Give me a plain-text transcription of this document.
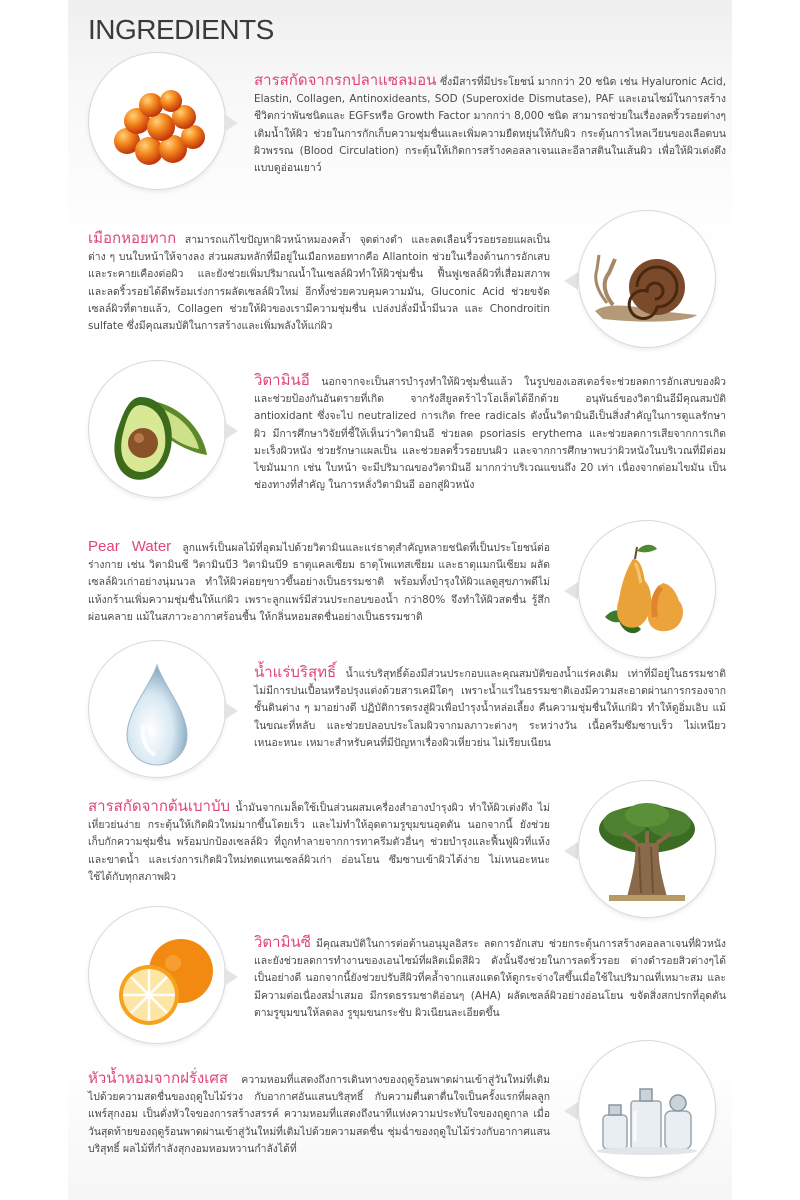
INGREDIENTS

สารสกัดจากรกปลาแซลมอน ซึ่งมีสารที่มีประโยชน์ มากกว่า 20 ชนิด เช่น Hyaluronic Acid, Elastin, Collagen, Antinoxideants, SOD (Superoxide Dismutase), PAF และเอนไซม์ในการสร้างชีวิตกว่าพันชนิดและ EGFsหรือ Growth Factor มากกว่า 8,000 ชนิด สามารถช่วยในเรื่องลดริ้วรอยต่างๆ เติมน้ำให้ผิว ช่วยในการกักเก็บความชุ่มชื่นและเพิ่มความยืดหยุ่นให้กับผิว กระตุ้นการไหลเวียนของเลือดบนผิวพรรณ (Blood Circulation) กระตุ้นให้เกิดการสร้างคอลลาเจนและอีลาสตินในเส้นผิว เพื่อให้ผิวเต่งตึงแบบดูอ่อนเยาว์

เมือกหอยทาก สามารถแก้ไขปัญหาผิวหน้าหมองคล้ำ จุดด่างดำ และลดเลือนริ้วรอยรอยแผลเป็นต่าง ๆ บนใบหน้าให้จางลง ส่วนผสมหลักที่มีอยู่ในเมือกหอยทากคือ Allantoin ช่วยในเรื่องต้านการอักเสบและระคายเคืองต่อผิว และยังช่วยเพิ่มปริมาณน้ำในเซลล์ผิวทำให้ผิวชุ่มชื่น ฟื้นฟูเซลล์ผิวที่เสื่อมสภาพ และลดริ้วรอยได้ดีพร้อมเร่งการผลัดเซลล์ผิวใหม่ อีกทั้งช่วยควบคุมความมัน, Gluconic Acid ช่วยขจัดเซลล์ผิวที่ตายแล้ว, Collagen ช่วยให้ผิวของเรามีความชุ่มชื่น เปล่งปลั่งมีน้ำมีนวล และ Chondroitin sulfate ซึ่งมีคุณสมบัติในการสร้างและเพิ่มพลังให้แก่ผิว

วิตามินอี นอกจากจะเป็นสารบำรุงทำให้ผิวชุ่มชื่นแล้ว ในรูปของเอสเตอร์จะช่วยลดการอักเสบของผิวและช่วยป้องกันอันตรายที่เกิด จากรังสียูลตร้าไวโอเล็ตได้อีกด้วย อนุพันธ์ของวิตามินอีมีคุณสมบัติ antioxidant ซึ่งจะไป neutralized การเกิด free radicals ดังนั้นวิตามินอีเป็นสิ่งสำคัญในการดูแลรักษาผิว มีการศึกษาวิจัยที่ชี้ให้เห็นว่าวิตามินอี ช่วยลด psoriasis erythema และช่วยลดการเสียจากการเกิดมะเร็งผิวหนัง ช่วยรักษาแผลเป็น และช่วยลดริ้วรอยบนผิว และจากการศึกษาพบว่าผิวหนังในบริเวณที่มีต่อมไขมันมาก เช่น ใบหน้า จะมีปริมาณของวิตามินอี มากกว่าบริเวณแขนถึง 20 เท่า เนื่องจากต่อมไขมัน เป็นช่องทางที่สำคัญ ในการหลั่งวิตามินอี ออกสู่ผิวหนัง

Pear Water ลูกแพร์เป็นผลไม้ที่อุดมไปด้วยวิตามินและแร่ธาตุสำคัญหลายชนิดที่เป็นประโยชน์ต่อร่างกาย เช่น วิตามินซี วิตามินบี3 วิตามินบี9 ธาตุแคลเซียม ธาตุโพแทสเซียม และธาตุแมกนีเซียม ผลัดเซลล์ผิวเก่าอย่างนุ่มนวล ทำให้ผิวค่อยๆขาวขึ้นอย่างเป็นธรรมชาติ พร้อมทั้งบำรุงให้ผิวแลดูสุขภาพดีไม่แห้งกร้านเพิ่มความชุ่มชื่นให้แก่ผิว เพราะลูกแพร์มีส่วนประกอบของน้ำ กว่า80% จึงทำให้ผิวสดชื่น รู้สึกผ่อนคลาย แม้ในสภาวะอากาศร้อนชื้น ให้กลิ่นหอมสดชื่นอย่างเป็นธรรมชาติ

น้ำแร่บริสุทธิ์ น้ำแร่บริสุทธิ์ต้องมีส่วนประกอบและคุณสมบัติของน้ำแร่คงเดิม เท่าที่มีอยู่ในธรรมชาติ ไม่มีการปนเปื้อนหรือปรุงแต่งด้วยสารเคมีใดๆ เพราะน้ำแร่ในธรรมชาติเองมีความสะอาดผ่านการกรองจากชั้นดินต่าง ๆ มาอย่างดี ปฏิบัติการตรงสู่ผิวเพื่อบำรุงน้ำหล่อเลี้ยง คืนความชุ่มชื่นให้แก่ผิว ทำให้ดูอิ่มเอิบ แม้ในขณะที่หลับ และช่วยปลอบประโลมผิวจากมลภาวะต่างๆ ระหว่างวัน เนื้อครีมซึมซาบเร็ว ไม่เหนียวเหนอะหนะ เหมาะสำหรับคนที่มีปัญหาเรื่องผิวเหี่ยวย่น ไม่เรียบเนียน

สารสกัดจากต้นเบาบับ น้ำมันจากเมล็ดใช้เป็นส่วนผสมเครื่องสำอางบำรุงผิว ทำให้ผิวเต่งตึง ไม่เหี่ยวย่นง่าย กระตุ้นให้เกิดผิวใหม่มากขึ้นโดยเร็ว และไม่ทำให้อุดตามรูขุมขนอุดตัน นอกจากนี้ ยังช่วยเก็บกักความชุ่มชื่น พร้อมปกป้องเซลล์ผิว ที่ถูกทำลายจากการทาครีมตัวอื่นๆ ช่วยบำรุงและฟื้นฟูผิวที่แห้งและขาดน้ำ และเร่งการเกิดผิวใหม่ทดแทนเซลล์ผิวเก่า อ่อนโยน ซึมซาบเข้าผิวได้ง่าย ไม่เหนอะหนะ ใช้ได้กับทุกสภาพผิว

วิตามินซี มีคุณสมบัติในการต่อต้านอนุมูลอิสระ ลดการอักเสบ ช่วยกระตุ้นการสร้างคอลลาเจนที่ผิวหนัง และยังช่วยลดการทำงานของเอนไซม์ที่ผลิตเม็ดสีผิว ดังนั้นจึงช่วยในการลดริ้วรอย ด่างดำรอยสิวต่างๆได้เป็นอย่างดี นอกจากนี้ยังช่วยปรับสีผิวที่คล้ำจากแสงแดดให้ดูกระจ่างใสขึ้นเมื่อใช้ในปริมาณที่เหมาะสม และมีความต่อเนื่องสม่ำเสมอ มีกรดธรรมชาติอ่อนๆ (AHA) ผลัดเซลล์ผิวอย่างอ่อนโยน ขจัดสิ่งสกปรกที่อุดตันตามรูขุมขนให้ลดลง รูขุมขนกระชับ ผิวเนียนละเอียดขึ้น

หัวน้ำหอมจากฝรั่งเศส ความหอมที่แสดงถึงการเดินทางของฤดูร้อนพาดผ่านเข้าสู่วันใหม่ที่เติมไปด้วยความสดชื่นของฤดูใบไม้ร่วง กับอากาศอันแสนบริสุทธิ์ กับความตื่นตาตื่นใจเป็นครั้งแรกที่ผลลูกแพร์สุกงอม เป็นดั่งหัวใจของการสร้างสรรค์ ความหอมที่แสดงถึงนาทีแห่งความประทับใจของฤดูกาล เมื่อวันสุดท้ายของฤดูร้อนพาดผ่านเข้าสู่วันใหม่ที่เติมไปด้วยความสดชื่น ชุ่มฉ่ำของฤดูใบไม้ร่วงกับอากาศแสนบริสุทธิ์ ผลไม้ที่กำลังสุกงอมหอมหวานกำลังได้ที่
